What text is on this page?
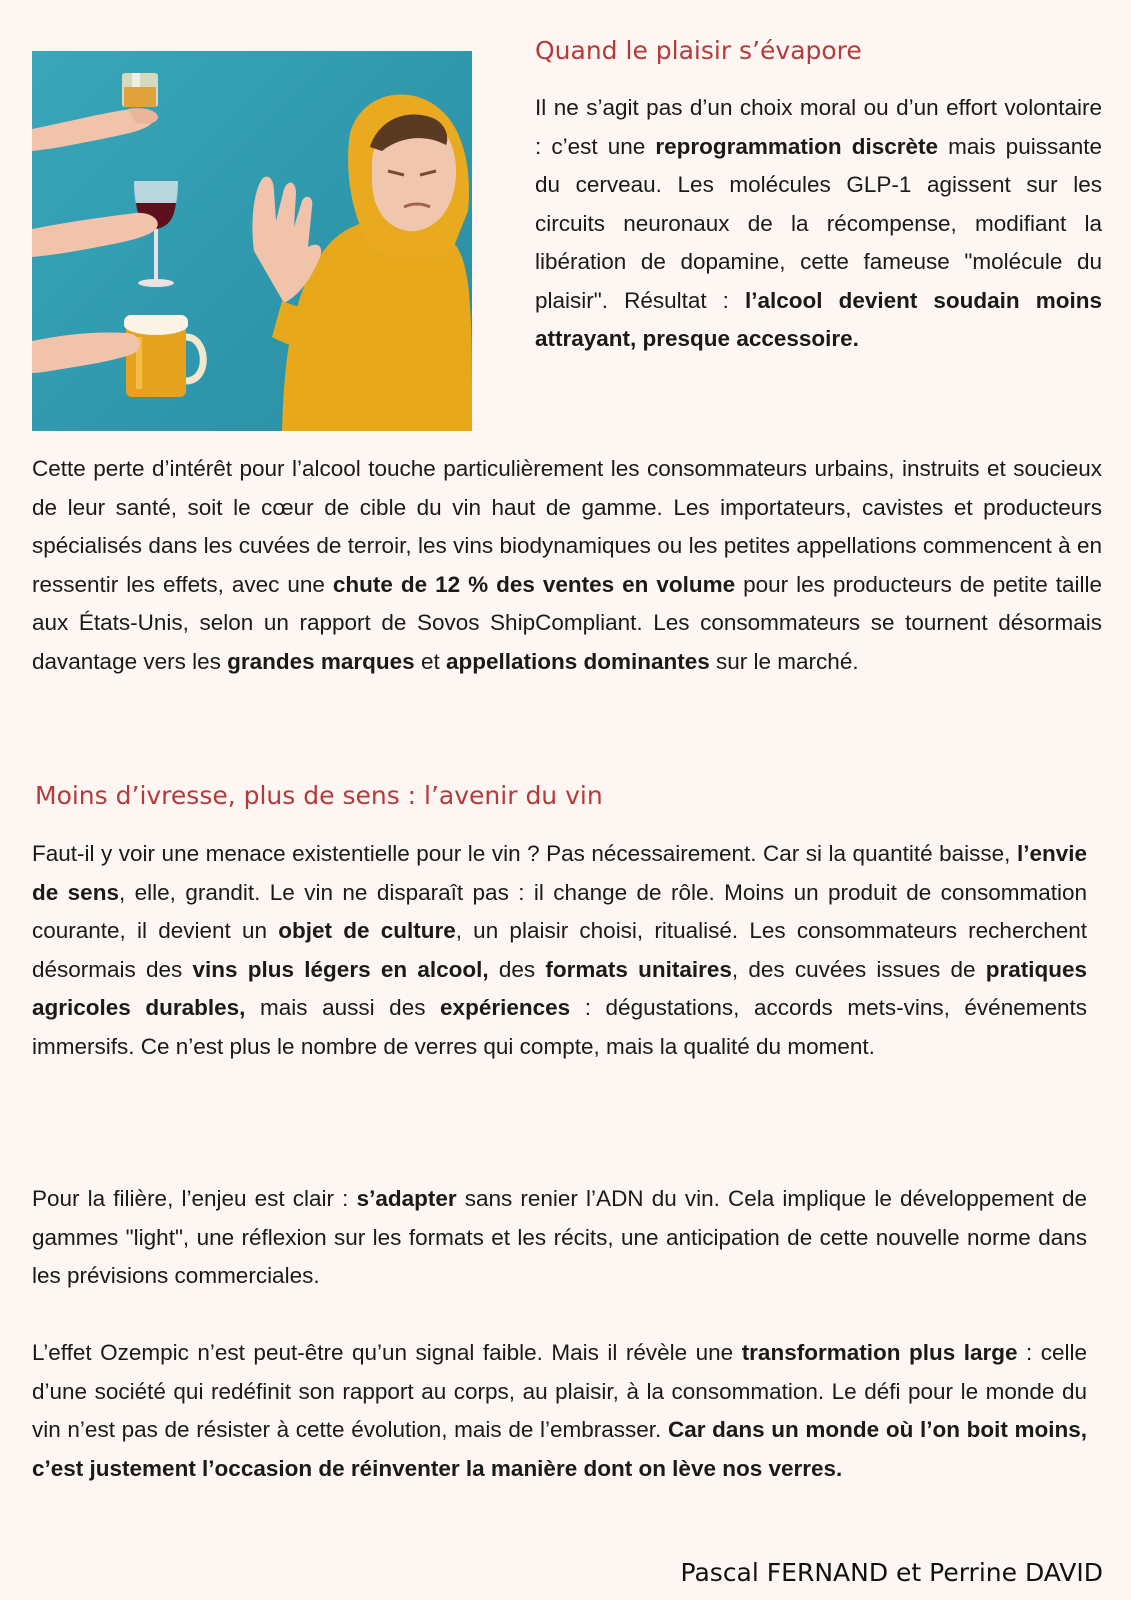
Quand le plaisir s’évapore

Il ne s’agit pas d’un choix moral ou d’un effort volontaire : c’est une reprogrammation discrète mais puissante du cerveau. Les molécules GLP-1 agissent sur les circuits neuronaux de la récompense, modifiant la libération de dopamine, cette fameuse "molécule du plaisir". Résultat : l’alcool devient soudain moins attrayant, presque accessoire.

Cette perte d’intérêt pour l’alcool touche particulièrement les consommateurs urbains, instruits et soucieux de leur santé, soit le cœur de cible du vin haut de gamme. Les importateurs, cavistes et producteurs spécialisés dans les cuvées de terroir, les vins biodynamiques ou les petites appellations commencent à en ressentir les effets, avec une chute de 12 % des ventes en volume pour les producteurs de petite taille aux États-Unis, selon un rapport de Sovos ShipCompliant. Les consommateurs se tournent désormais davantage vers les grandes marques et appellations dominantes sur le marché.

Moins d’ivresse, plus de sens : l’avenir du vin

Faut-il y voir une menace existentielle pour le vin ? Pas nécessairement. Car si la quantité baisse, l’envie de sens, elle, grandit. Le vin ne disparaît pas : il change de rôle. Moins un produit de consommation courante, il devient un objet de culture, un plaisir choisi, ritualisé. Les consommateurs recherchent désormais des vins plus légers en alcool, des formats unitaires, des cuvées issues de pratiques agricoles durables, mais aussi des expériences : dégustations, accords mets-vins, événements immersifs. Ce n’est plus le nombre de verres qui compte, mais la qualité du moment.

Pour la filière, l’enjeu est clair : s’adapter sans renier l’ADN du vin. Cela implique le développement de gammes "light", une réflexion sur les formats et les récits, une anticipation de cette nouvelle norme dans les prévisions commerciales.

L’effet Ozempic n’est peut-être qu’un signal faible. Mais il révèle une transformation plus large : celle d’une société qui redéfinit son rapport au corps, au plaisir, à la consommation. Le défi pour le monde du vin n’est pas de résister à cette évolution, mais de l’embrasser. Car dans un monde où l’on boit moins, c’est justement l’occasion de réinventer la manière dont on lève nos verres.

Pascal FERNAND et Perrine DAVID
